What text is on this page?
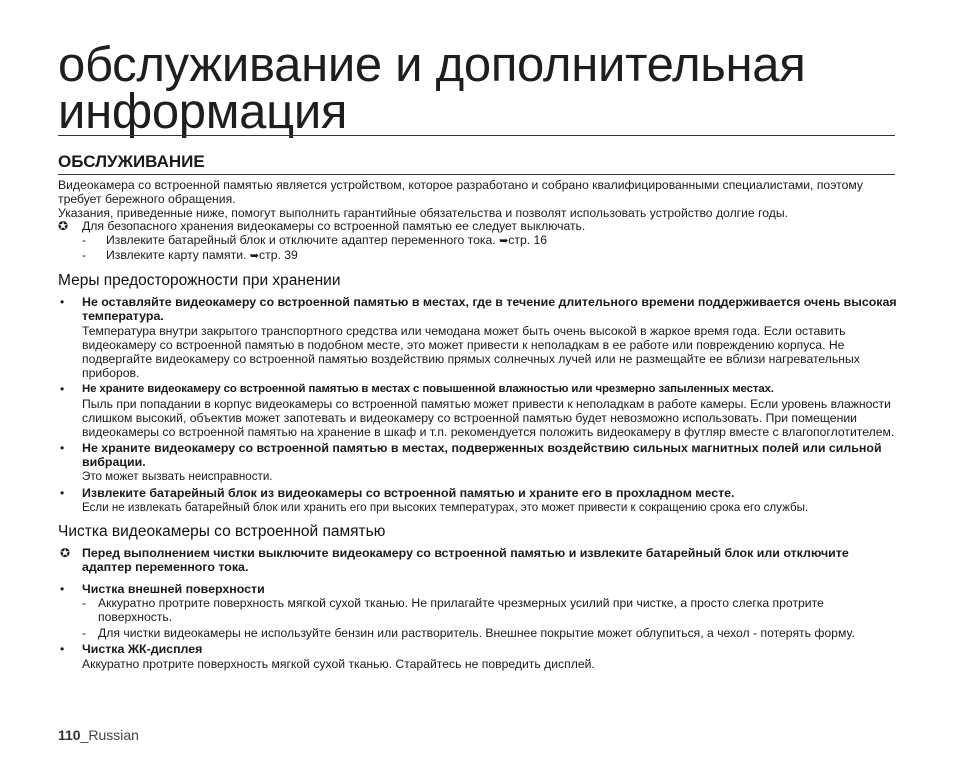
обслуживание и дополнительная
информация
ОБСЛУЖИВАНИЕ

Видеокамера со встроенной памятью является устройством, которое разработано и собрано квалифицированными специалистами, поэтому требует бережного обращения.

Указания, приведенные ниже, помогут выполнить гарантийные обязательства и позволят использовать устройство долгие годы.

✪	Для безопасного хранения видеокамеры со встроенной памятью ее следует выключать.
-	Извлеките батарейный блок и отключите адаптер переменного тока. ➥стр. 16
-	Извлеките карту памяти. ➥стр. 39
Меры предосторожности при хранении
•	Не оставляйте видеокамеру со встроенной памятью в местах, где в течение длительного времени поддерживается очень высокая температура.
Температура внутри закрытого транспортного средства или чемодана может быть очень высокой в жаркое время года. Если оставить видеокамеру со встроенной памятью в подобном месте, это может привести к неполадкам в ее работе или повреждению корпуса. Не подвергайте видеокамеру со встроенной памятью воздействию прямых солнечных лучей или не размещайте ее вблизи нагревательных приборов.
•	Не храните видеокамеру со встроенной памятью в местах с повышенной влажностью или чрезмерно запыленных местах.
Пыль при попадании в корпус видеокамеры со встроенной памятью может привести к неполадкам в работе камеры. Если уровень влажности слишком высокий, объектив может запотевать и видеокамеру со встроенной памятью будет невозможно использовать. При помещении видеокамеры со встроенной памятью на хранение в шкаф и т.п. рекомендуется положить видеокамеру в футляр вместе с влагопоглотителем.
•	Не храните видеокамеру со встроенной памятью в местах, подверженных воздействию сильных магнитных полей или сильной вибрации.
Это может вызвать неисправности.
•	Извлеките батарейный блок из видеокамеры со встроенной памятью и храните его в прохладном месте.
Если не извлекать батарейный блок или хранить его при высоких температурах, это может привести к сокращению срока его службы.
Чистка видеокамеры со встроенной памятью
✪ Перед выполнением чистки выключите видеокамеру со встроенной памятью и извлеките батарейный блок или отключите адаптер переменного тока.
•	Чистка внешней поверхности
- Аккуратно протрите поверхность мягкой сухой тканью. Не прилагайте чрезмерных усилий при чистке, а просто слегка протрите поверхность.
- Для чистки видеокамеры не используйте бензин или растворитель. Внешнее покрытие может облупиться, а чехол - потерять форму.
•	Чистка ЖК-дисплея
Аккуратно протрите поверхность мягкой сухой тканью. Старайтесь не повредить дисплей.
110_Russian
